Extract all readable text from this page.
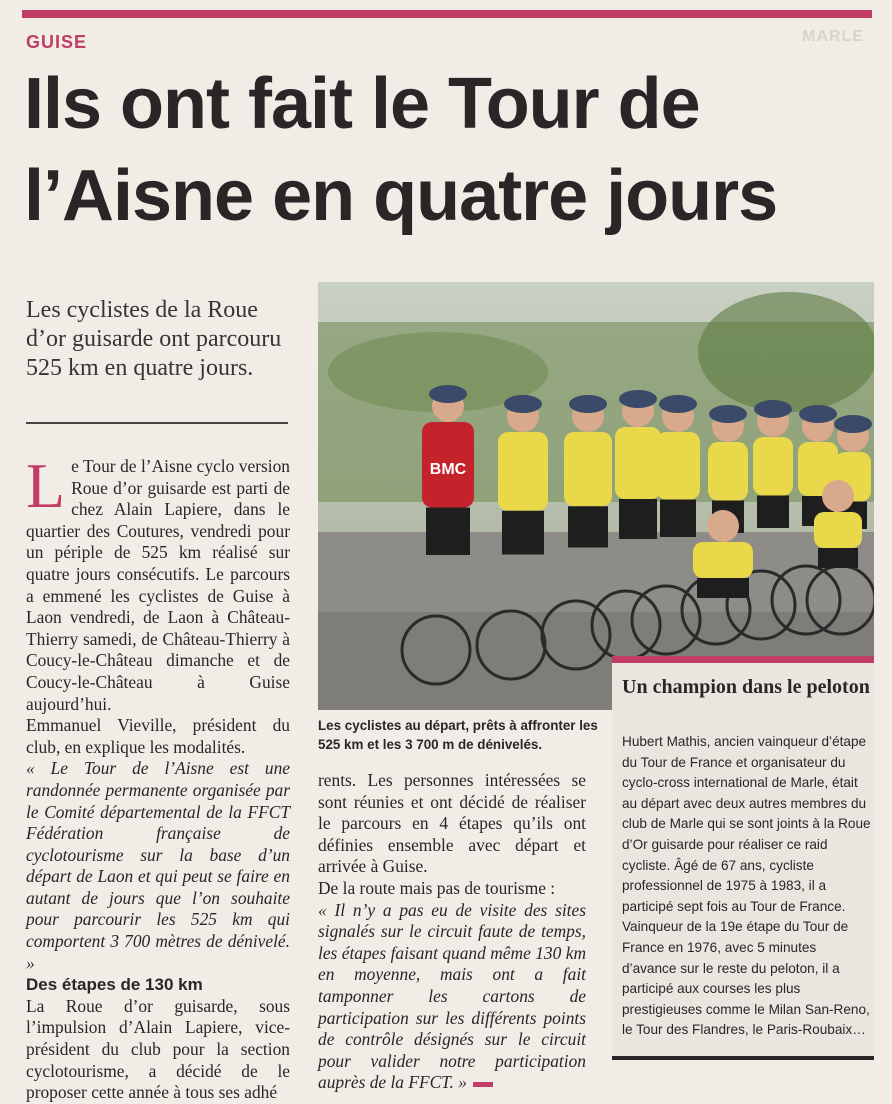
GUISE	MARLE
Ils ont fait le Tour de l’Aisne en quatre jours
Les cyclistes de la Roue d’or guisarde ont parcouru 525 km en quatre jours.

L e Tour de l’Aisne cyclo version Roue d’or guisarde est parti de chez Alain Lapiere, dans le quartier des Coutures, vendredi pour un périple de 525 km réalisé sur quatre jours consécutifs. Le parcours a emmené les cyclistes de Guise à Laon vendredi, de Laon à Château-Thierry samedi, de Château-Thierry à Coucy-le-Château dimanche et de Coucy-le-Château à Guise aujourd’hui.

Emmanuel Vieville, président du club, en explique les modalités.

« Le Tour de l’Aisne est une randonnée permanente organisée par le Comité départemental de la FFCT Fédération française de cyclotourisme sur la base d’un départ de Laon et qui peut se faire en autant de jours que l’on souhaite pour parcourir les 525 km qui comportent 3 700 mètres de dénivelé. »

Des étapes de 130 km

La Roue d’or guisarde, sous l’impulsion d’Alain Lapiere, vice-président du club pour la section cyclotourisme, a décidé de le proposer cette année à tous ses adhé

BMC
Les cyclistes au départ, prêts à affronter les 525 km et les 3 700 m de dénivelés.

rents. Les personnes intéressées se sont réunies et ont décidé de réaliser le parcours en 4 étapes qu’ils ont définies ensemble avec départ et arrivée à Guise.

De la route mais pas de tourisme :

« Il n’y a pas eu de visite des sites signalés sur le circuit faute de temps, les étapes faisant quand même 130 km en moyenne, mais ont a fait tamponner les cartons de participation sur les différents points de contrôle désignés sur le circuit pour valider notre participation auprès de la FFCT. »

Un champion dans le peloton
Hubert Mathis, ancien vainqueur d’étape du Tour de France et organisateur du cyclo-cross international de Marle, était au départ avec deux autres membres du club de Marle qui se sont joints à la Roue d’Or guisarde pour réaliser ce raid cycliste. Âgé de 67 ans, cycliste professionnel de 1975 à 1983, il a participé sept fois au Tour de France. Vainqueur de la 19e étape du Tour de France en 1976, avec 5 minutes d’avance sur le reste du peloton, il a participé aux courses les plus prestigieuses comme le Milan San-Reno, le Tour des Flandres, le Paris-Roubaix…
